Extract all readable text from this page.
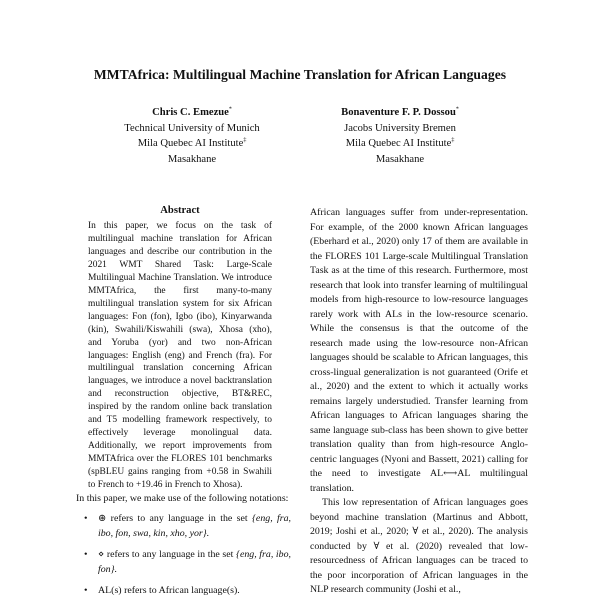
MMTAfrica: Multilingual Machine Translation for African Languages
Chris C. Emezue*
Technical University of Munich
Mila Quebec AI Institute‡
Masakhane
Bonaventure F. P. Dossou*
Jacobs University Bremen
Mila Quebec AI Institute‡
Masakhane
Abstract
In this paper, we focus on the task of multilingual machine translation for African languages and describe our contribution in the 2021 WMT Shared Task: Large-Scale Multilingual Machine Translation. We introduce MMTAfrica, the first many-to-many multilingual translation system for six African languages: Fon (fon), Igbo (ibo), Kinyarwanda (kin), Swahili/Kiswahili (swa), Xhosa (xho), and Yoruba (yor) and two non-African languages: English (eng) and French (fra). For multilingual translation concerning African languages, we introduce a novel backtranslation and reconstruction objective, BT&REC, inspired by the random online back translation and T5 modelling framework respectively, to effectively leverage monolingual data. Additionally, we report improvements from MMTAfrica over the FLORES 101 benchmarks (spBLEU gains ranging from +0.58 in Swahili to French to +19.46 in French to Xhosa).

In this paper, we make use of the following notations:

• ⊛ refers to any language in the set {eng, fra, ibo, fon, swa, kin, xho, yor}.
• ⋄ refers to any language in the set {eng, fra, ibo, fon}.
• AL(s) refers to African language(s).

African languages suffer from under-representation. For example, of the 2000 known African languages (Eberhard et al., 2020) only 17 of them are available in the FLORES 101 Large-scale Multilingual Translation Task as at the time of this research. Furthermore, most research that look into transfer learning of multilingual models from high-resource to low-resource languages rarely work with ALs in the low-resource scenario. While the consensus is that the outcome of the research made using the low-resource non-African languages should be scalable to African languages, this cross-lingual generalization is not guaranteed (Orife et al., 2020) and the extent to which it actually works remains largely understudied. Transfer learning from African languages to African languages sharing the same language sub-class has been shown to give better translation quality than from high-resource Anglo-centric languages (Nyoni and Bassett, 2021) calling for the need to investigate AL⟷AL multilingual translation.

This low representation of African languages goes beyond machine translation (Martinus and Abbott, 2019; Joshi et al., 2020; ∀ et al., 2020). The analysis conducted by ∀ et al. (2020) revealed that low-resourcedness of African languages can be traced to the poor incorporation of African languages in the NLP research community (Joshi et al.,
